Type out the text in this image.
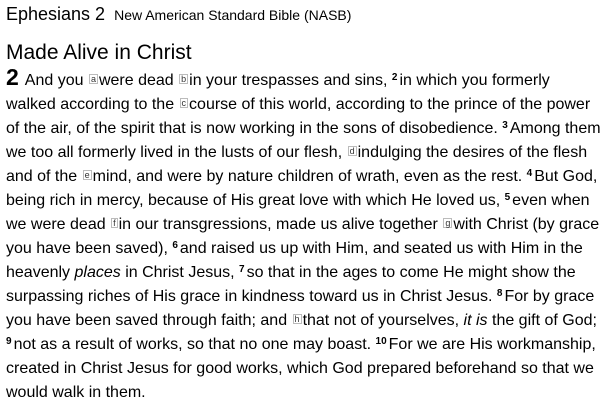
Ephesians 2 New American Standard Bible (NASB)
Made Alive in Christ
2 And you a were dead b in your trespasses and sins, $^2$ in which you formerly walked according to the c course of this world, according to the prince of the power of the air, of the spirit that is now working in the sons of disobedience. $^3$ Among them we too all formerly lived in the lusts of our flesh, d indulging the desires of the flesh and of the e mind, and were by nature children of wrath, even as the rest. $^4$ But God, being rich in mercy, because of His great love with which He loved us, $^5$ even when we were dead f in our transgressions, made us alive together g with Christ (by grace you have been saved), $^6$ and raised us up with Him, and seated us with Him in the heavenly places in Christ Jesus, $^7$ so that in the ages to come He might show the surpassing riches of His grace in kindness toward us in Christ Jesus. $^8$ For by grace you have been saved through faith; and h that not of yourselves, it is the gift of God; $^9$ not as a result of works, so that no one may boast. $^{10}$ For we are His workmanship, created in Christ Jesus for good works, which God prepared beforehand so that we would walk in them.
